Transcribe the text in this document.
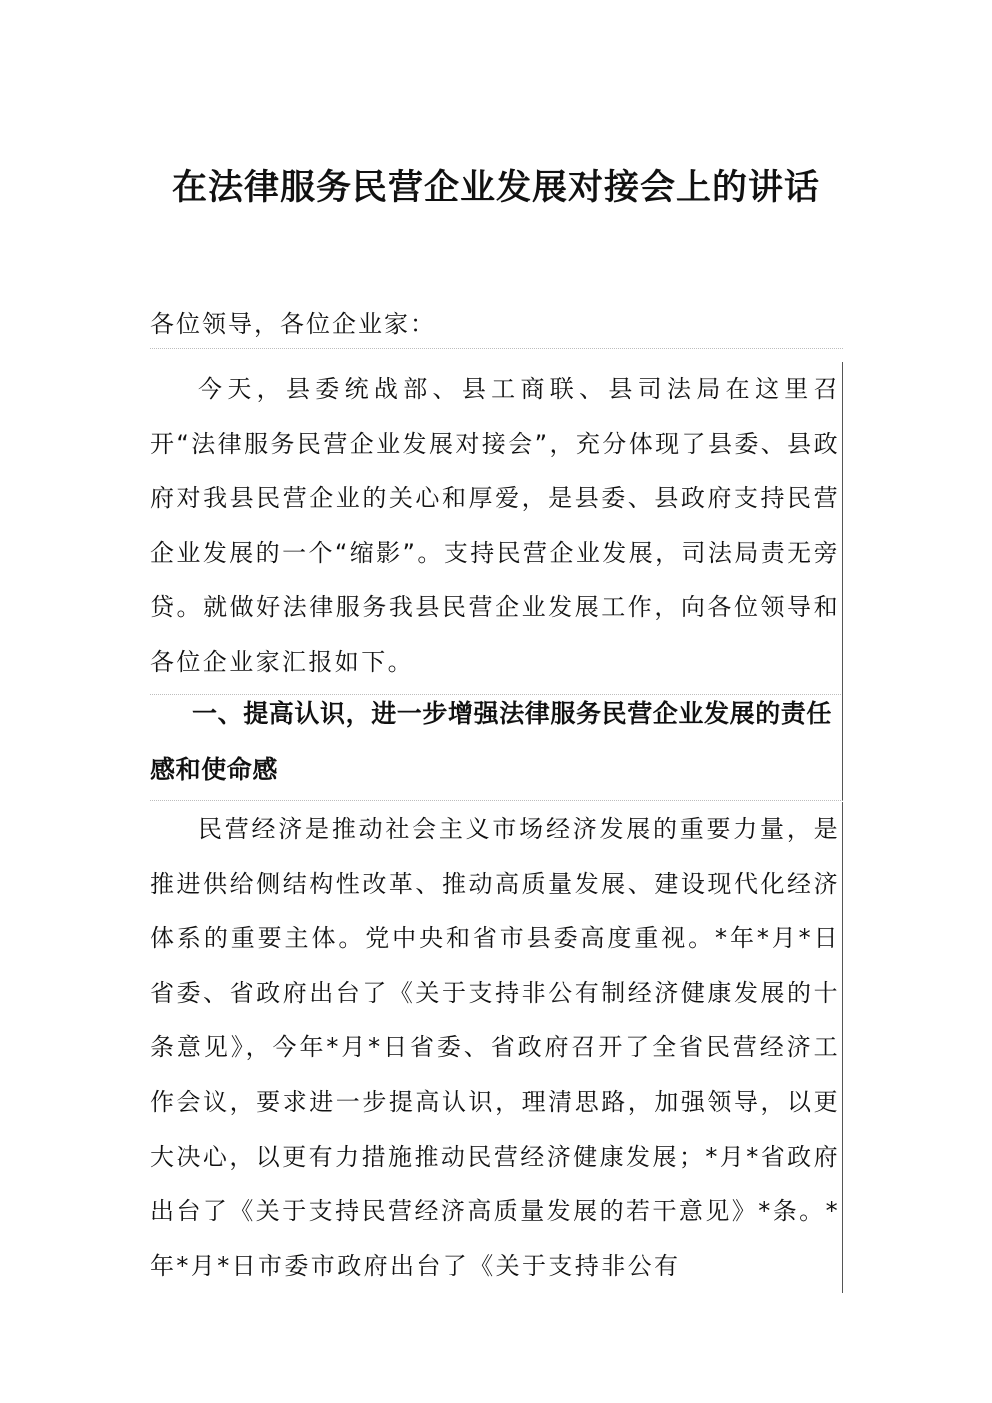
在法律服务民营企业发展对接会上的讲话
各位领导，各位企业家：

今天，县委统战部、县工商联、县司法局在这里召开“法律服务民营企业发展对接会”，充分体现了县委、县政府对我县民营企业的关心和厚爱，是县委、县政府支持民营企业发展的一个“缩影”。支持民营企业发展，司法局责无旁贷。就做好法律服务我县民营企业发展工作，向各位领导和各位企业家汇报如下。

一、提高认识，进一步增强法律服务民营企业发展的责任感和使命感

民营经济是推动社会主义市场经济发展的重要力量，是推进供给侧结构性改革、推动高质量发展、建设现代化经济体系的重要主体。党中央和省市县委高度重视。*年*月*日省委、省政府出台了《关于支持非公有制经济健康发展的十条意见》，今年*月*日省委、省政府召开了全省民营经济工作会议，要求进一步提高认识，理清思路，加强领导，以更大决心，以更有力措施推动民营经济健康发展；*月*省政府出台了《关于支持民营经济高质量发展的若干意见》*条。*年*月*日市委市政府出台了《关于支持非公有
